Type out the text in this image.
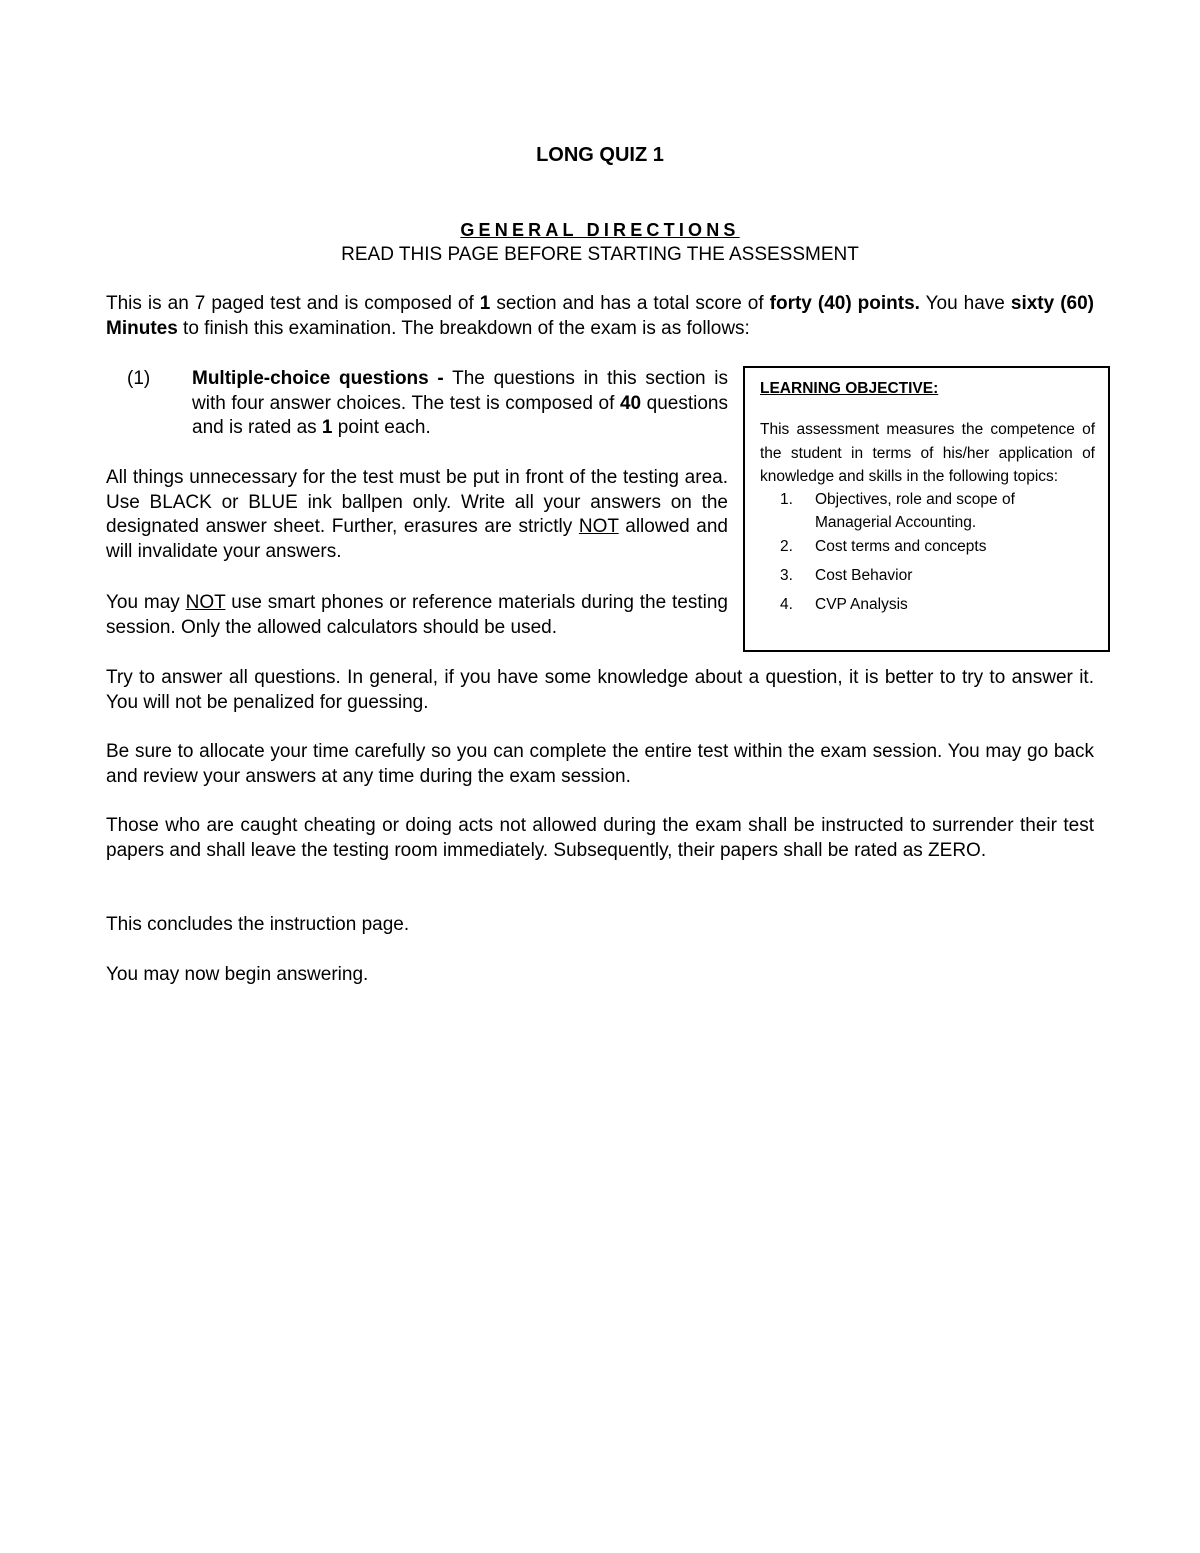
LONG QUIZ 1
GENERAL DIRECTIONS
READ THIS PAGE BEFORE STARTING THE ASSESSMENT

This is an 7 paged test and is composed of 1 section and has a total score of forty (40) points. You have sixty (60) Minutes to finish this examination. The breakdown of the exam is as follows:

(1) Multiple-choice questions - The questions in this section is with four answer choices. The test is composed of 40 questions and is rated as 1 point each.

All things unnecessary for the test must be put in front of the testing area. Use BLACK or BLUE ink ballpen only. Write all your answers on the designated answer sheet. Further, erasures are strictly NOT allowed and will invalidate your answers.

You may NOT use smart phones or reference materials during the testing session. Only the allowed calculators should be used.

Try to answer all questions. In general, if you have some knowledge about a question, it is better to try to answer it. You will not be penalized for guessing.

Be sure to allocate your time carefully so you can complete the entire test within the exam session. You may go back and review your answers at any time during the exam session.

Those who are caught cheating or doing acts not allowed during the exam shall be instructed to surrender their test papers and shall leave the testing room immediately. Subsequently, their papers shall be rated as ZERO.

This concludes the instruction page.

You may now begin answering.

LEARNING OBJECTIVE:

This assessment measures the competence of the student in terms of his/her application of knowledge and skills in the following topics:

1. Objectives, role and scope of Managerial Accounting.
2. Cost terms and concepts
3. Cost Behavior
4. CVP Analysis
